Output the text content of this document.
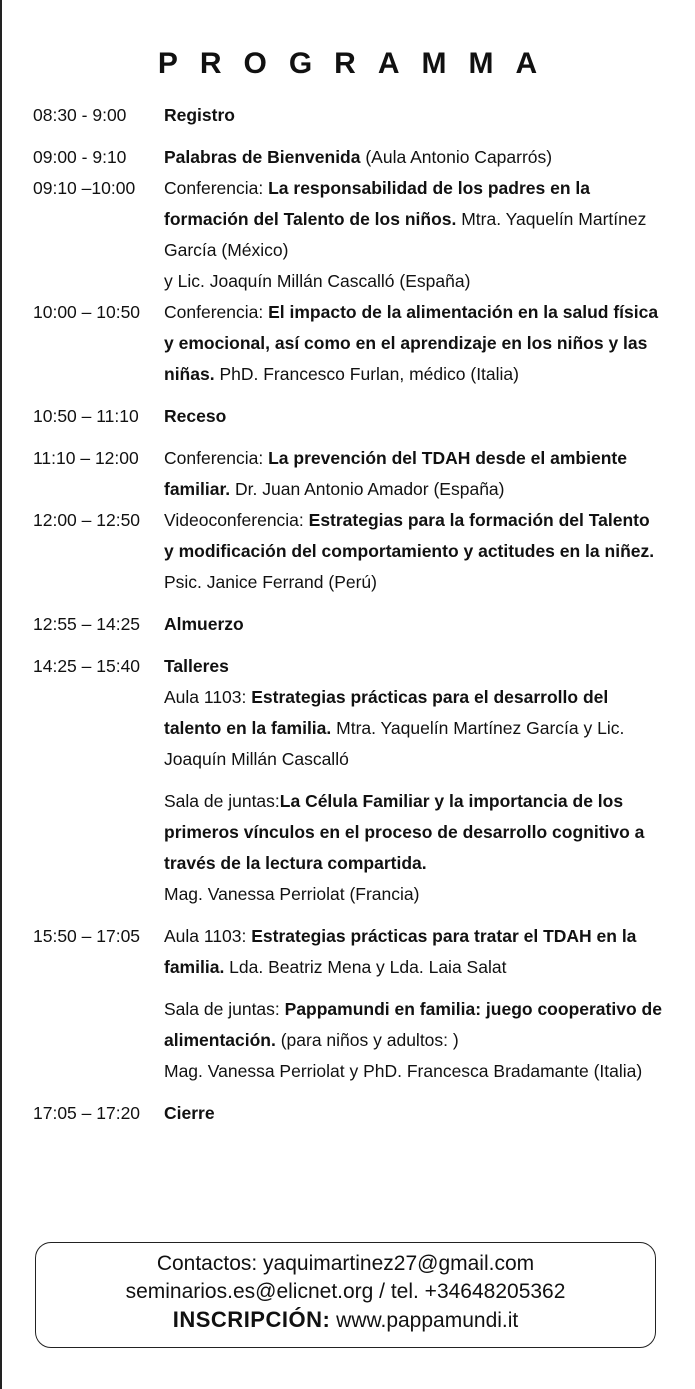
PROGRAMMA
08:30 - 9:00	Registro
09:00 - 9:10	Palabras de Bienvenida (Aula Antonio Caparrós)
09:10 –10:00	Conferencia: La responsabilidad de los padres en la formación del Talento de los niños. Mtra. Yaquelín Martínez García (México)
y Lic. Joaquín Millán Cascalló (España)
10:00 – 10:50	Conferencia: El impacto de la alimentación en la salud física y emocional, así como en el aprendizaje en los niños y las niñas. PhD. Francesco Furlan, médico (Italia)
10:50 – 11:10	Receso
11:10 – 12:00	Conferencia: La prevención del TDAH desde el ambiente familiar. Dr. Juan Antonio Amador (España)
12:00 – 12:50	Videoconferencia: Estrategias para la formación del Talento y modificación del comportamiento y actitudes en la niñez. Psic. Janice Ferrand (Perú)
12:55 – 14:25	Almuerzo
14:25 – 15:40	Talleres
Aula 1103: Estrategias prácticas para el desarrollo del talento en la familia. Mtra. Yaquelín Martínez García y Lic. Joaquín Millán Cascalló
Sala de juntas:La Célula Familiar y la importancia de los primeros vínculos en el proceso de desarrollo cognitivo a través de la lectura compartida.
Mag. Vanessa Perriolat (Francia)
15:50 – 17:05	Aula 1103: Estrategias prácticas para tratar el TDAH en la familia. Lda. Beatriz Mena y Lda. Laia Salat
Sala de juntas: Pappamundi en familia: juego cooperativo de alimentación. (para niños y adultos: )
Mag. Vanessa Perriolat y PhD. Francesca Bradamante (Italia)
17:05 – 17:20	Cierre
Contactos: yaquimartinez27@gmail.com
seminarios.es@elicnet.org / tel. +34648205362
INSCRIPCIÓN: www.pappamundi.it
